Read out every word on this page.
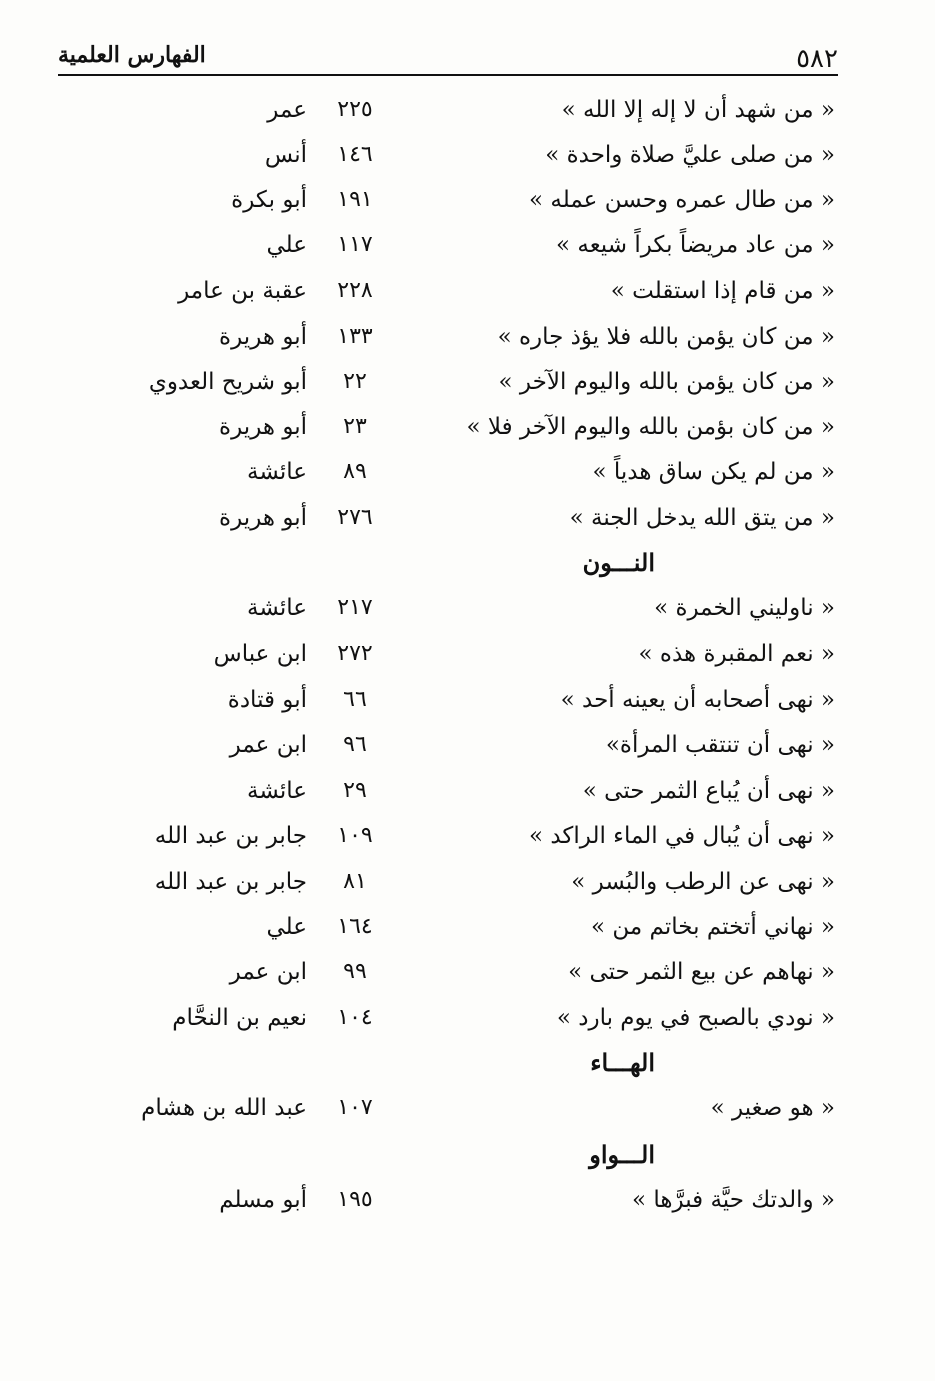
٥٨٢
الفهارس العلمية
« من شهد أن لا إله إلا الله »
٢٢٥
عمر
« من صلى عليَّ صلاة واحدة »
١٤٦
أنس
« من طال عمره وحسن عمله »
١٩١
أبو بكرة
« من عاد مريضاً بكراً شيعه »
١١٧
علي
« من قام إذا استقلت »
٢٢٨
عقبة بن عامر
« من كان يؤمن بالله فلا يؤذ جاره »
١٣٣
أبو هريرة
« من كان يؤمن بالله واليوم الآخر »
٢٢
أبو شريح العدوي
« من كان بؤمن بالله واليوم الآخر فلا »
٢٣
أبو هريرة
« من لم يكن ساق هدياً »
٨٩
عائشة
« من يتق الله يدخل الجنة »
٢٧٦
أبو هريرة
النـــون
« ناوليني الخمرة »
٢١٧
عائشة
« نعم المقبرة هذه »
٢٧٢
ابن عباس
« نهى أصحابه أن يعينه أحد »
٦٦
أبو قتادة
« نهى أن تنتقب المرأة»
٩٦
ابن عمر
« نهى أن يُباع الثمر حتى »
٢٩
عائشة
« نهى أن يُبال في الماء الراكد »
١٠٩
جابر بن عبد الله
« نهى عن الرطب والبُسر »
٨١
جابر بن عبد الله
« نهاني أتختم بخاتم من »
١٦٤
علي
« نهاهم عن بيع الثمر حتى »
٩٩
ابن عمر
« نودي بالصبح في يوم بارد »
١٠٤
نعيم بن النحَّام
الهـــاء
« هو صغير »
١٠٧
عبد الله بن هشام
الـــواو
« والدتك حيَّة فبرَّها »
١٩٥
أبو مسلم
